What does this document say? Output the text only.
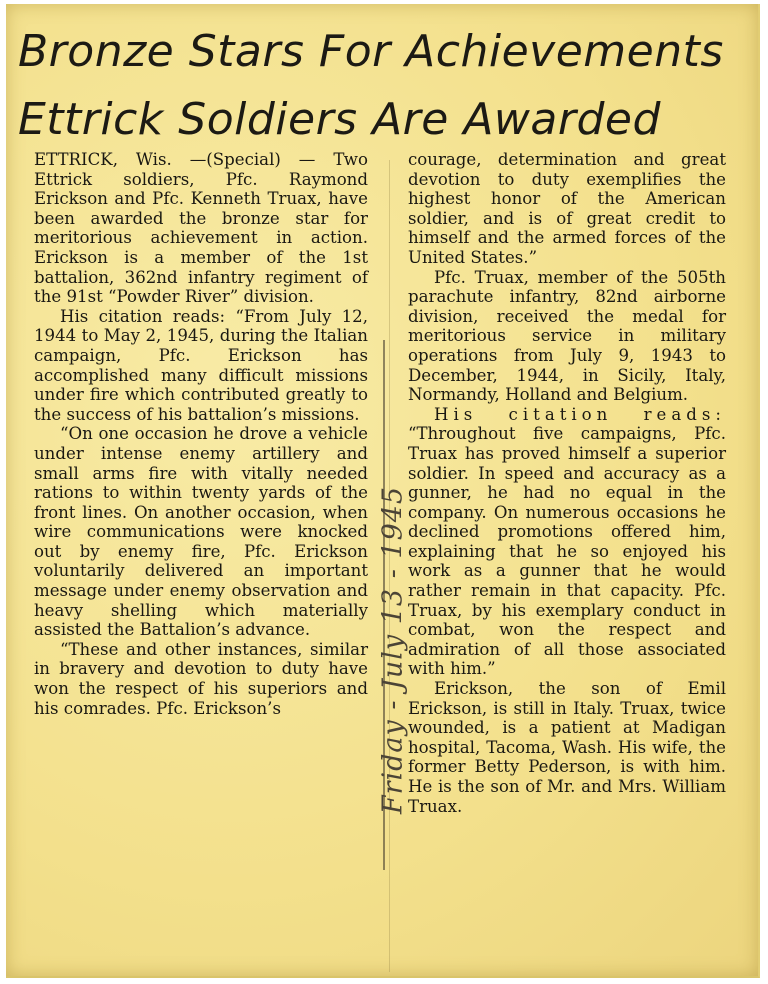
Bronze Stars For Achievements
Ettrick Soldiers Are Awarded

ETTRICK, Wis. —(Special) — Two Ettrick soldiers, Pfc. Raymond Erickson and Pfc. Kenneth Truax, have been awarded the bronze star for meritorious achievement in action. Erickson is a member of the 1st battalion, 362nd infantry regiment of the 91st “Powder River” division.

His citation reads: “From July 12, 1944 to May 2, 1945, during the Italian campaign, Pfc. Erickson has accomplished many difficult missions under fire which contributed greatly to the success of his battalion’s missions.

“On one occasion he drove a vehicle under intense enemy artillery and small arms fire with vitally needed rations to within twenty yards of the front lines. On another occasion, when wire communications were knocked out by enemy fire, Pfc. Erickson voluntarily delivered an important message under enemy observation and heavy shelling which materially assisted the Battalion’s advance.

“These and other instances, similar in bravery and devotion to duty have won the respect of his superiors and his comrades. Pfc. Erickson’s

courage, determination and great devotion to duty exemplifies the highest honor of the American soldier, and is of great credit to himself and the armed forces of the United States.”

Pfc. Truax, member of the 505th parachute infantry, 82nd airborne division, received the medal for meritorious service in military operations from July 9, 1943 to December, 1944, in Sicily, Italy, Normandy, Holland and Belgium.

His citation reads: “Throughout five campaigns, Pfc. Truax has proved himself a superior soldier. In speed and accuracy as a gunner, he had no equal in the company. On numerous occasions he declined promotions offered him, explaining that he so enjoyed his work as a gunner that he would rather remain in that capacity. Pfc. Truax, by his exemplary conduct in combat, won the respect and admiration of all those associated with him.”

Erickson, the son of Emil Erickson, is still in Italy. Truax, twice wounded, is a patient at Madigan hospital, Tacoma, Wash. His wife, the former Betty Pederson, is with him. He is the son of Mr. and Mrs. William Truax.

Friday - July 13 - 1945
